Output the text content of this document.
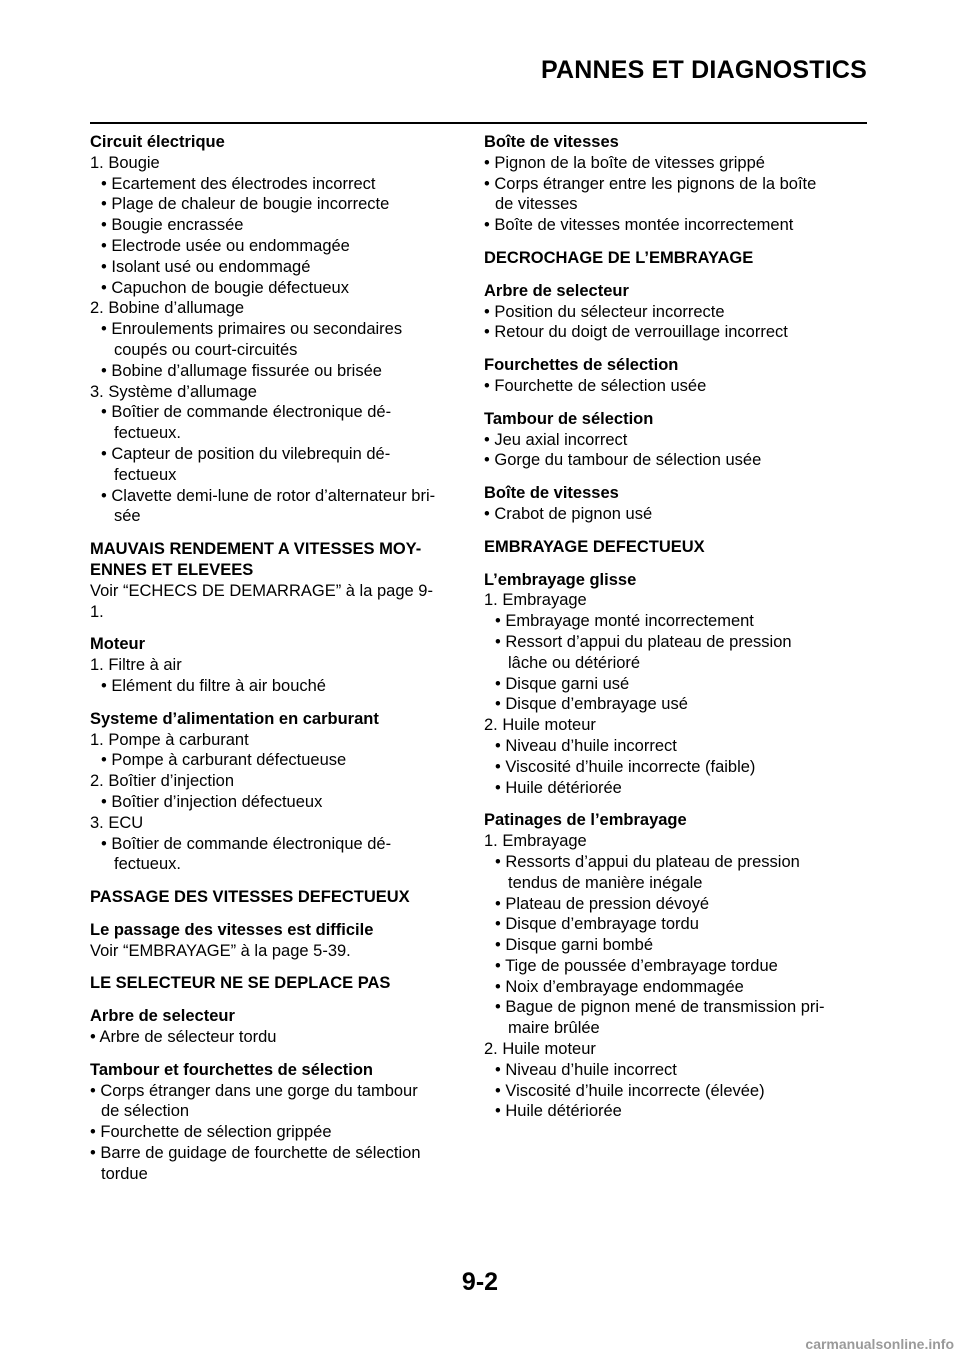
PANNES ET DIAGNOSTICS
Circuit électrique
1. Bougie
• Ecartement des électrodes incorrect
• Plage de chaleur de bougie incorrecte
• Bougie encrassée
• Electrode usée ou endommagée
• Isolant usé ou endommagé
• Capuchon de bougie défectueux
2. Bobine d’allumage
• Enroulements primaires ou secondaires
coupés ou court-circuités
• Bobine d’allumage fissurée ou brisée
3. Système d’allumage
• Boîtier de commande électronique dé-
fectueux.
• Capteur de position du vilebrequin dé-
fectueux
• Clavette demi-lune de rotor d’alternateur bri-
sée
MAUVAIS RENDEMENT A VITESSES MOY-
ENNES ET ELEVEES
Voir “ECHECS DE DEMARRAGE” à la page 9-
1.
Moteur
1. Filtre à air
• Elément du filtre à air bouché
Systeme d’alimentation en carburant
1. Pompe à carburant
• Pompe à carburant défectueuse
2. Boîtier d’injection
• Boîtier d’injection défectueux
3. ECU
• Boîtier de commande électronique dé-
fectueux.
PASSAGE DES VITESSES DEFECTUEUX
Le passage des vitesses est difficile
Voir “EMBRAYAGE” à la page 5-39.
LE SELECTEUR NE SE DEPLACE PAS
Arbre de selecteur
• Arbre de sélecteur tordu
Tambour et fourchettes de sélection
• Corps étranger dans une gorge du tambour
de sélection
• Fourchette de sélection grippée
• Barre de guidage de fourchette de sélection
tordue
Boîte de vitesses
• Pignon de la boîte de vitesses grippé
• Corps étranger entre les pignons de la boîte
de vitesses
• Boîte de vitesses montée incorrectement
DECROCHAGE DE L’EMBRAYAGE
Arbre de selecteur
• Position du sélecteur incorrecte
• Retour du doigt de verrouillage incorrect
Fourchettes de sélection
• Fourchette de sélection usée
Tambour de sélection
• Jeu axial incorrect
• Gorge du tambour de sélection usée
Boîte de vitesses
• Crabot de pignon usé
EMBRAYAGE DEFECTUEUX
L’embrayage glisse
1. Embrayage
• Embrayage monté incorrectement
• Ressort d’appui du plateau de pression
lâche ou détérioré
• Disque garni usé
• Disque d’embrayage usé
2. Huile moteur
• Niveau d’huile incorrect
• Viscosité d’huile incorrecte (faible)
• Huile détériorée
Patinages de l’embrayage
1. Embrayage
• Ressorts d’appui du plateau de pression
tendus de manière inégale
• Plateau de pression dévoyé
• Disque d’embrayage tordu
• Disque garni bombé
• Tige de poussée d’embrayage tordue
• Noix d’embrayage endommagée
• Bague de pignon mené de transmission pri-
maire brûlée
2. Huile moteur
• Niveau d’huile incorrect
• Viscosité d’huile incorrecte (élevée)
• Huile détériorée
9-2
carmanualsonline.info
